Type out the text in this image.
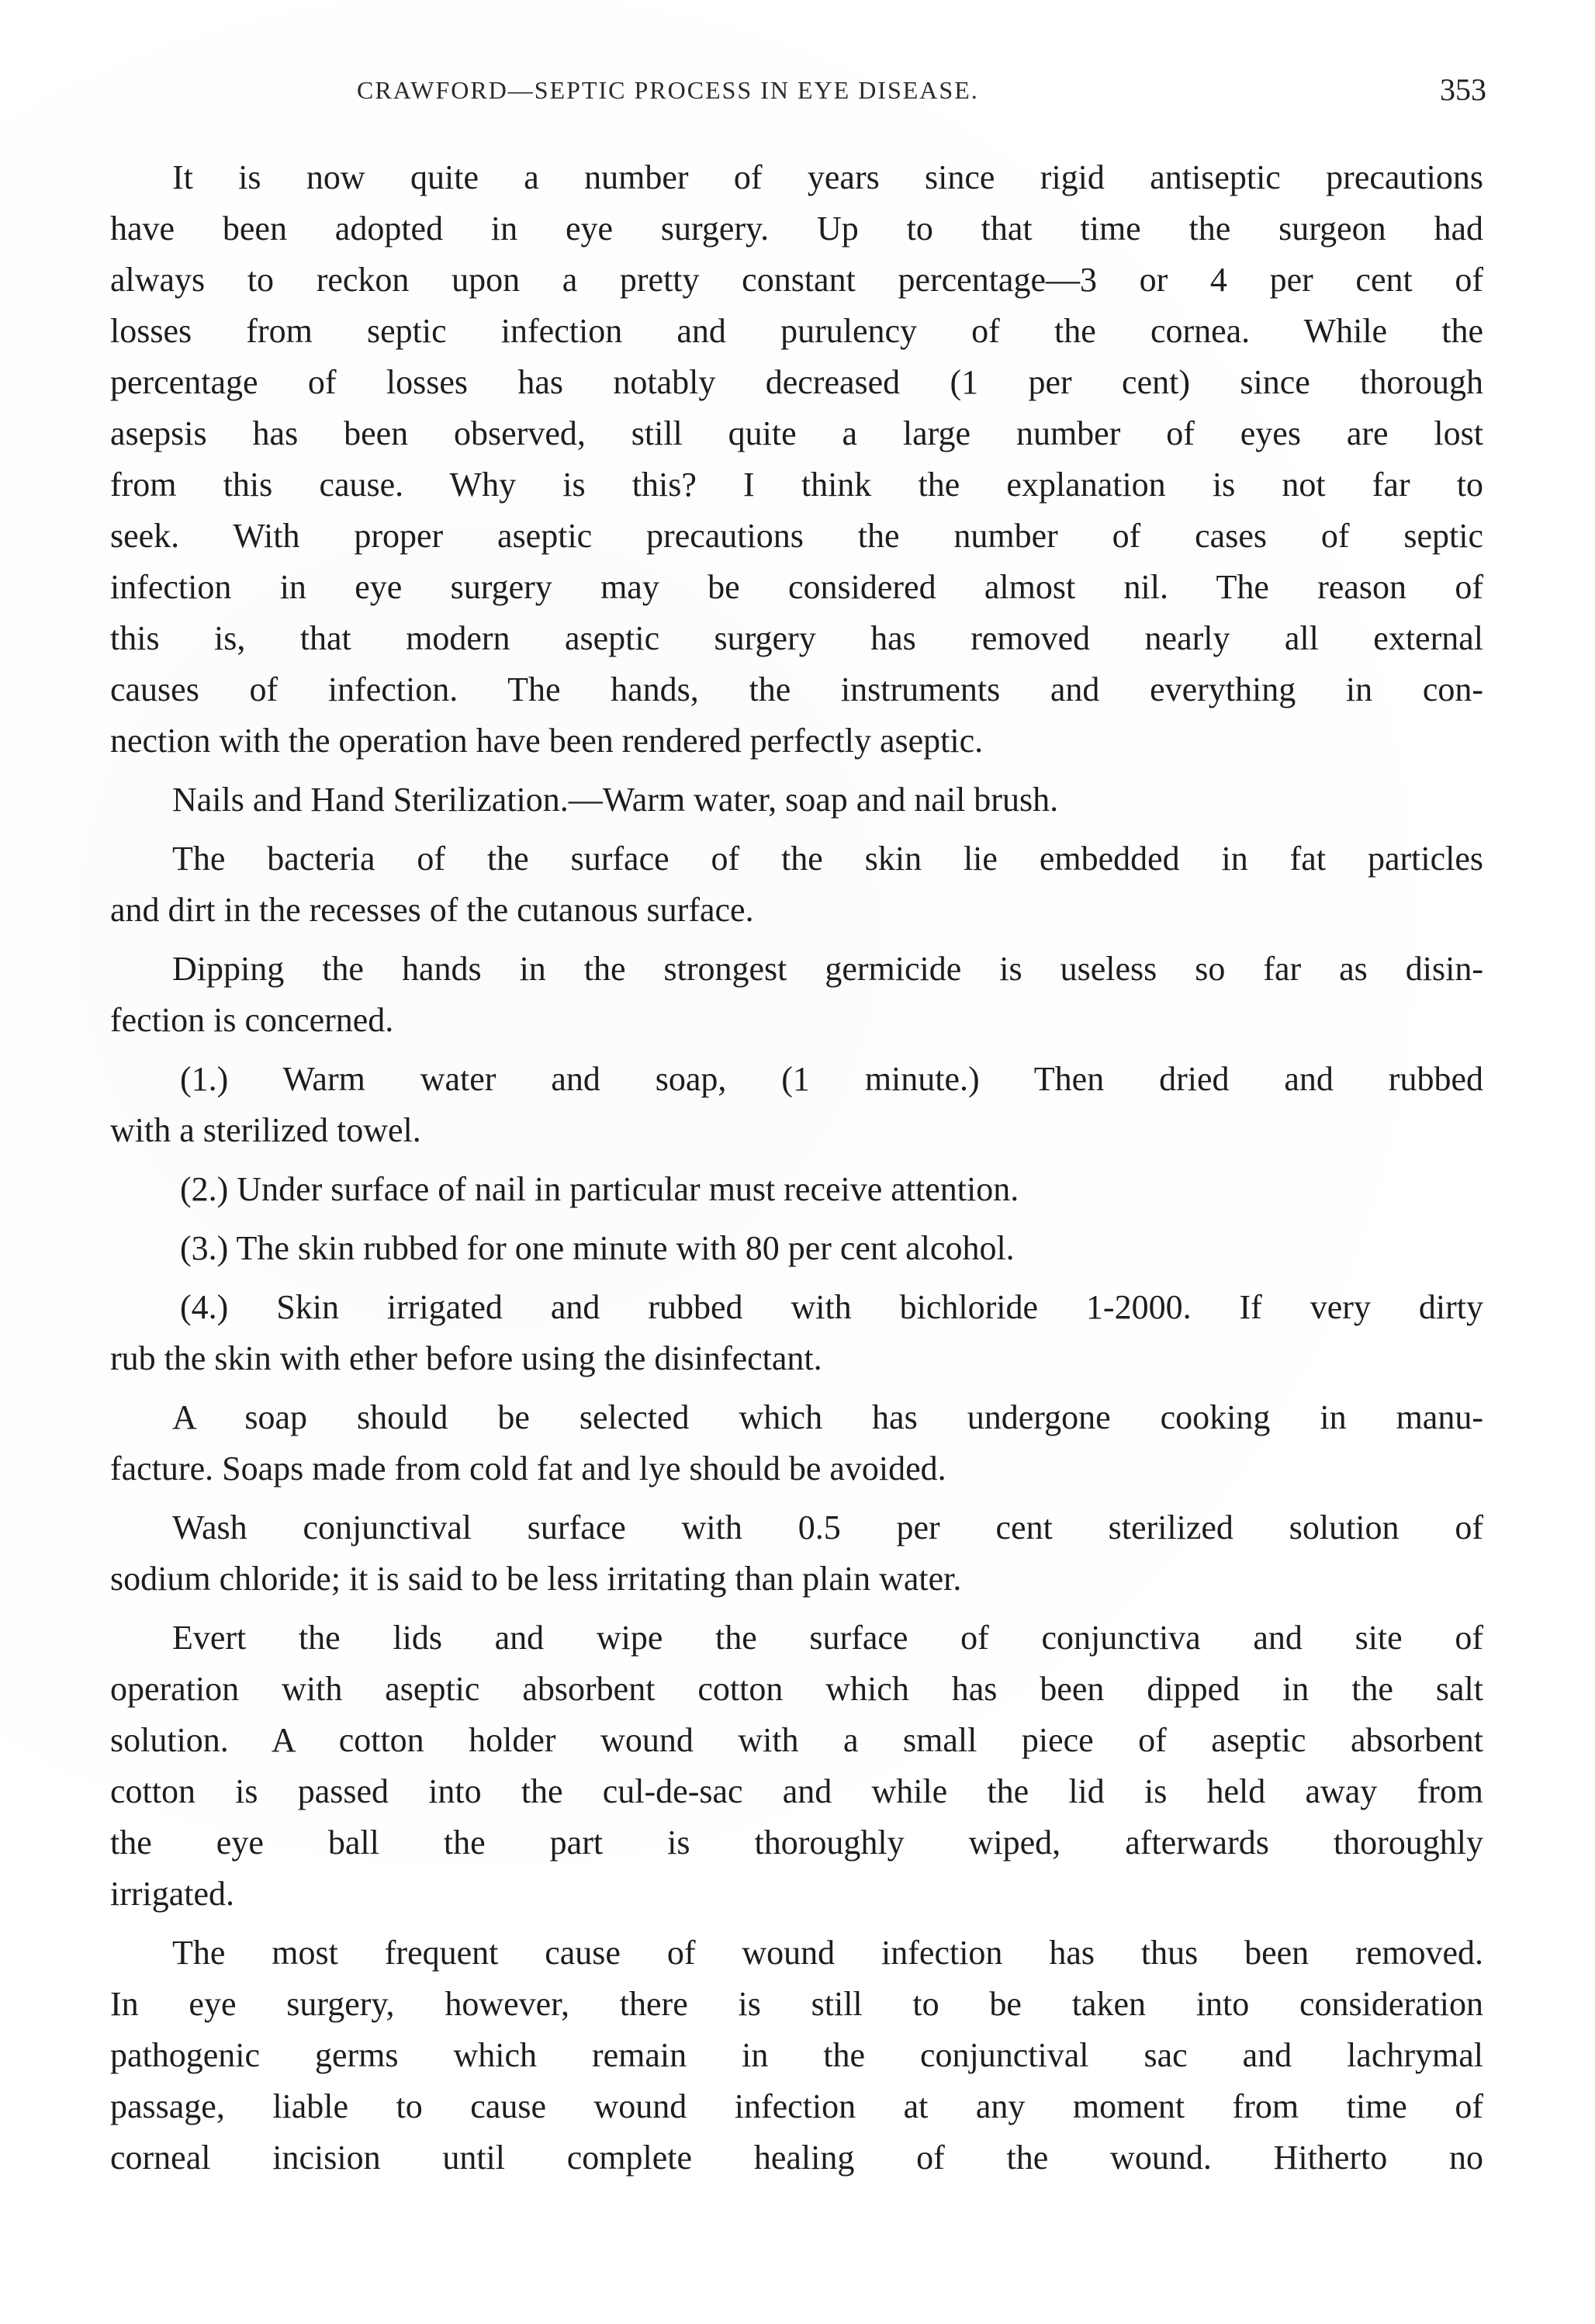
CRAWFORD—SEPTIC PROCESS IN EYE DISEASE.	353
It is now quite a number of years since rigid antiseptic precautions
have been adopted in eye surgery. Up to that time the surgeon had
always to reckon upon a pretty constant percentage—3 or 4 per cent of
losses from septic infection and purulency of the cornea. While the
percentage of losses has notably decreased (1 per cent) since thorough
asepsis has been observed, still quite a large number of eyes are lost
from this cause. Why is this? I think the explanation is not far to
seek. With proper aseptic precautions the number of cases of septic
infection in eye surgery may be considered almost nil. The reason of
this is, that modern aseptic surgery has removed nearly all external
causes of infection. The hands, the instruments and everything in con-
nection with the operation have been rendered perfectly aseptic.
Nails and Hand Sterilization.—Warm water, soap and nail brush.
The bacteria of the surface of the skin lie embedded in fat particles
and dirt in the recesses of the cutanous surface.
Dipping the hands in the strongest germicide is useless so far as disin-
fection is concerned.
(1.) Warm water and soap, (1 minute.) Then dried and rubbed
with a sterilized towel.
(2.) Under surface of nail in particular must receive attention.
(3.) The skin rubbed for one minute with 80 per cent alcohol.
(4.) Skin irrigated and rubbed with bichloride 1-2000. If very dirty
rub the skin with ether before using the disinfectant.
A soap should be selected which has undergone cooking in manu-
facture. Soaps made from cold fat and lye should be avoided.
Wash conjunctival surface with 0.5 per cent sterilized solution of
sodium chloride; it is said to be less irritating than plain water.
Evert the lids and wipe the surface of conjunctiva and site of
operation with aseptic absorbent cotton which has been dipped in the salt
solution. A cotton holder wound with a small piece of aseptic absorbent
cotton is passed into the cul-de-sac and while the lid is held away from
the eye ball the part is thoroughly wiped, afterwards thoroughly
irrigated.
The most frequent cause of wound infection has thus been removed.
In eye surgery, however, there is still to be taken into consideration
pathogenic germs which remain in the conjunctival sac and lachrymal
passage, liable to cause wound infection at any moment from time of
corneal incision until complete healing of the wound. Hitherto no
